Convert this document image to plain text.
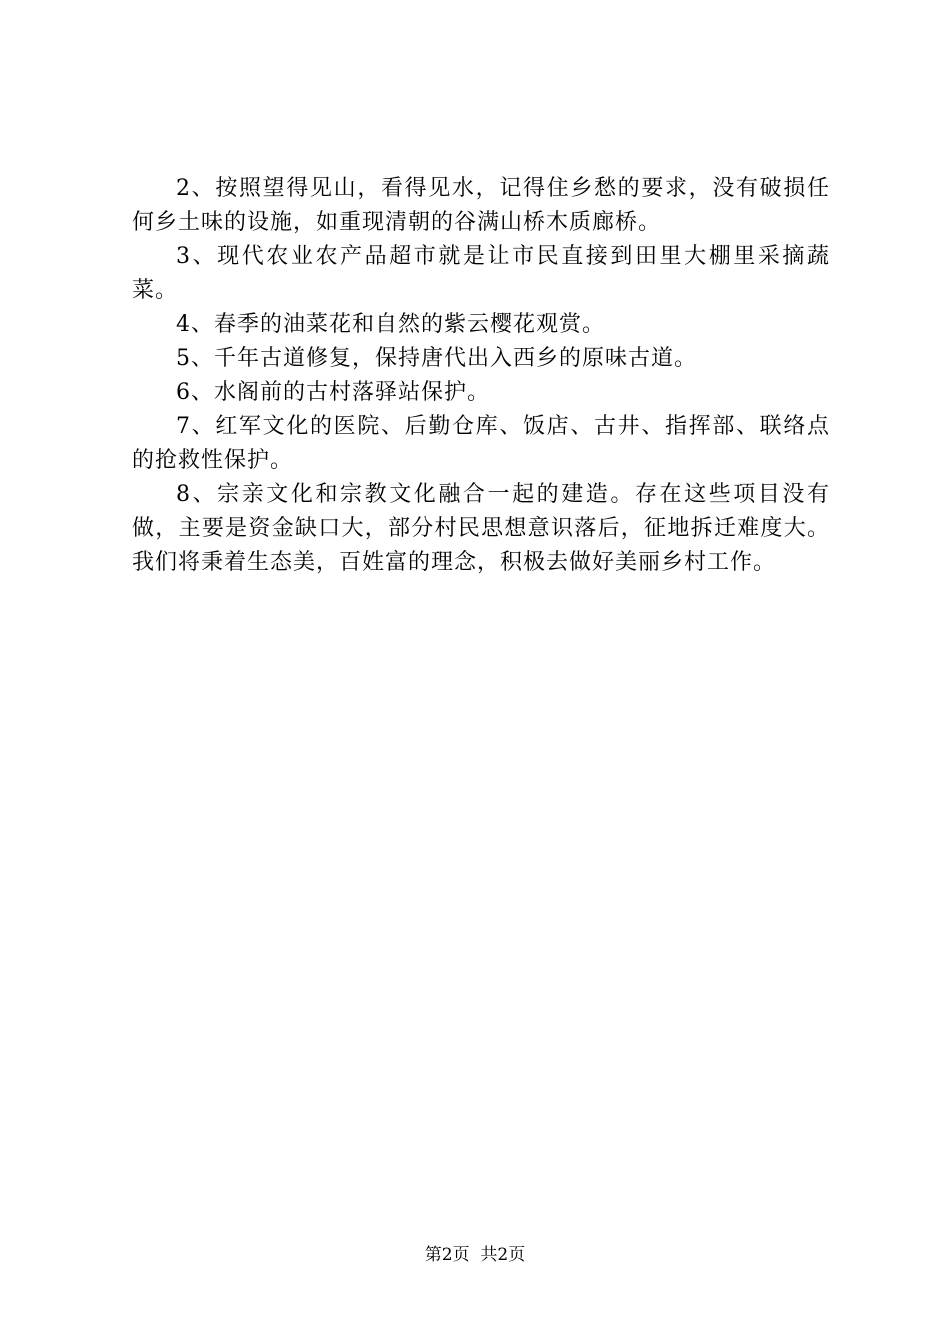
2、按照望得见山，看得见水，记得住乡愁的要求，没有破损任何乡土味的设施，如重现清朝的谷满山桥木质廊桥。

3、现代农业农产品超市就是让市民直接到田里大棚里采摘蔬菜。

4、春季的油菜花和自然的紫云樱花观赏。

5、千年古道修复，保持唐代出入西乡的原味古道。

6、水阁前的古村落驿站保护。

7、红军文化的医院、后勤仓库、饭店、古井、指挥部、联络点的抢救性保护。

8、宗亲文化和宗教文化融合一起的建造。存在这些项目没有做，主要是资金缺口大，部分村民思想意识落后，征地拆迁难度大。我们将秉着生态美，百姓富的理念，积极去做好美丽乡村工作。

第2页  共2页
